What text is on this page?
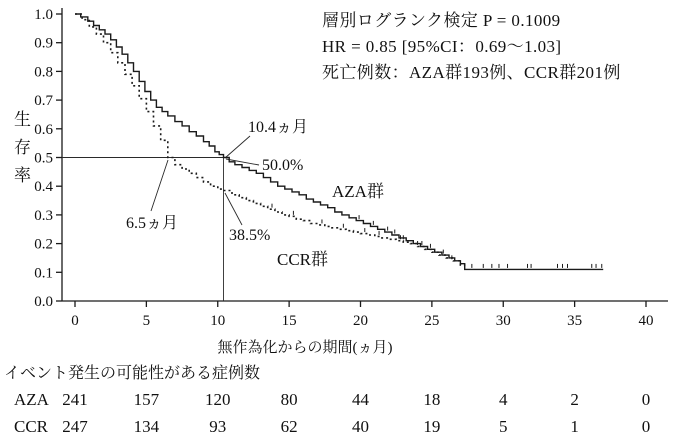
10.4ヵ月
50.0%
6.5ヵ月
38.5%
AZA群
CCR群
0.0
0.1
0.2
0.3
0.4
0.5
0.6
0.7
0.8
0.9
1.0
0	5	10	15	20	25	30	35	40
AZA 241	157	120	80	44	18	4	2	0
CCR 247	134	93	62	40	19	5	1	0
層別ログランク検定 P = 0.1009
HR = 0.85 [95%CI：0.69～1.03]
死亡例数：AZA群193例、CCR群201例
生存率
無作為化からの期間(ヵ月)
イベント発生の可能性がある症例数
